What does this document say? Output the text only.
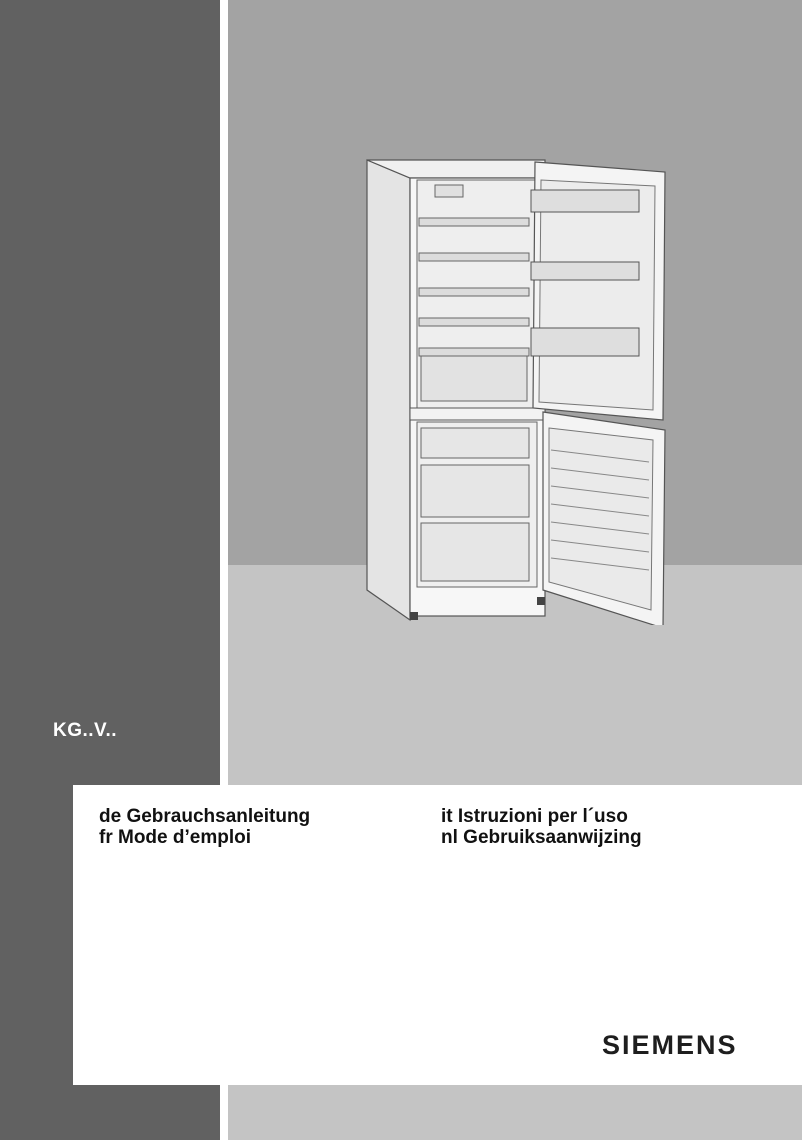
KG..V..
de Gebrauchsanleitung
fr Mode d’emploi
it Istruzioni per l´uso
nl Gebruiksaanwijzing
SIEMENS
